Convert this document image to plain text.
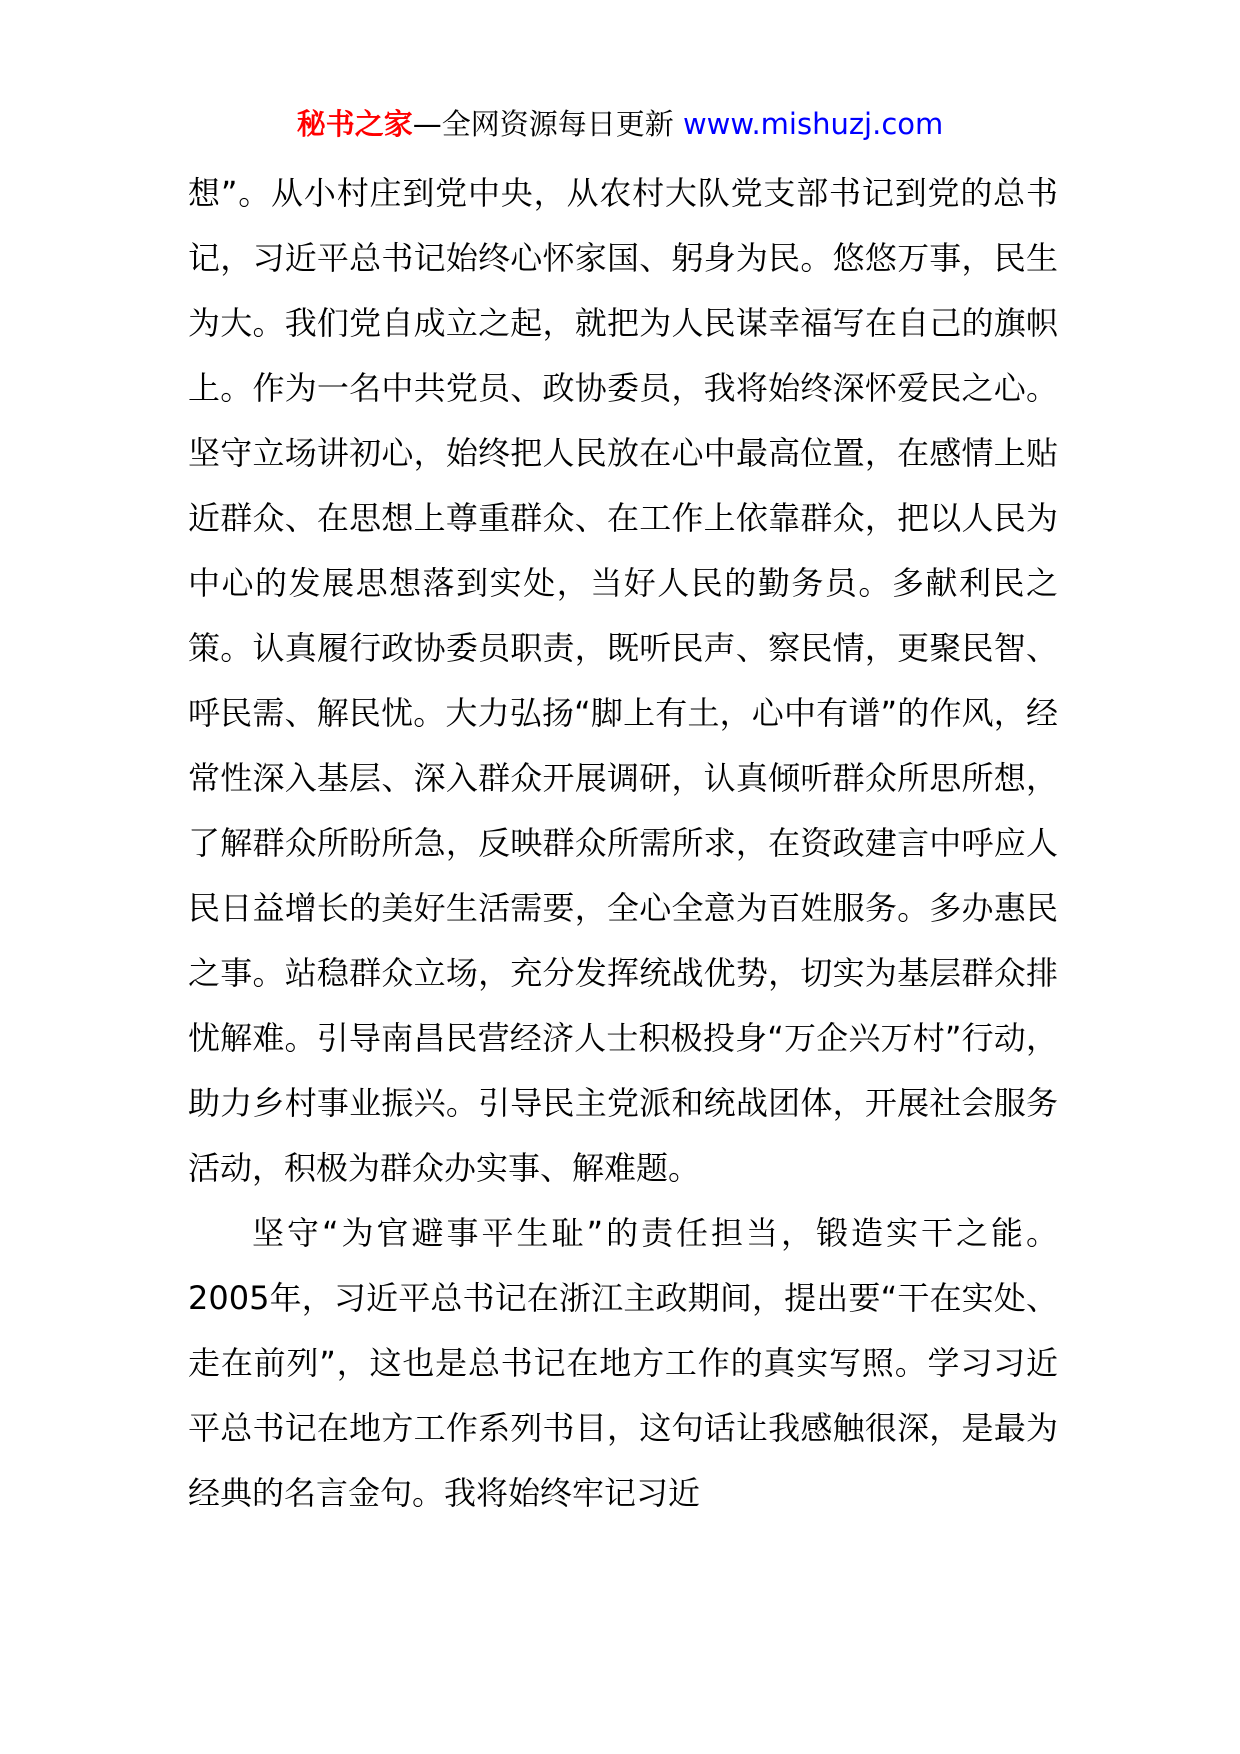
秘书之家—全网资源每日更新 www.mishuzj.com

想”。从小村庄到党中央，从农村大队党支部书记到党的总书记，习近平总书记始终心怀家国、躬身为民。悠悠万事，民生为大。我们党自成立之起，就把为人民谋幸福写在自己的旗帜上。作为一名中共党员、政协委员，我将始终深怀爱民之心。坚守立场讲初心，始终把人民放在心中最高位置，在感情上贴近群众、在思想上尊重群众、在工作上依靠群众，把以人民为中心的发展思想落到实处，当好人民的勤务员。多献利民之策。认真履行政协委员职责，既听民声、察民情，更聚民智、呼民需、解民忧。大力弘扬“脚上有土，心中有谱”的作风，经常性深入基层、深入群众开展调研，认真倾听群众所思所想，了解群众所盼所急，反映群众所需所求，在资政建言中呼应人民日益增长的美好生活需要，全心全意为百姓服务。多办惠民之事。站稳群众立场，充分发挥统战优势，切实为基层群众排忧解难。引导南昌民营经济人士积极投身“万企兴万村”行动，助力乡村事业振兴。引导民主党派和统战团体，开展社会服务活动，积极为群众办实事、解难题。

坚守“为官避事平生耻”的责任担当，锻造实干之能。2005年，习近平总书记在浙江主政期间，提出要“干在实处、走在前列”，这也是总书记在地方工作的真实写照。学习习近平总书记在地方工作系列书目，这句话让我感触很深，是最为经典的名言金句。我将始终牢记习近
